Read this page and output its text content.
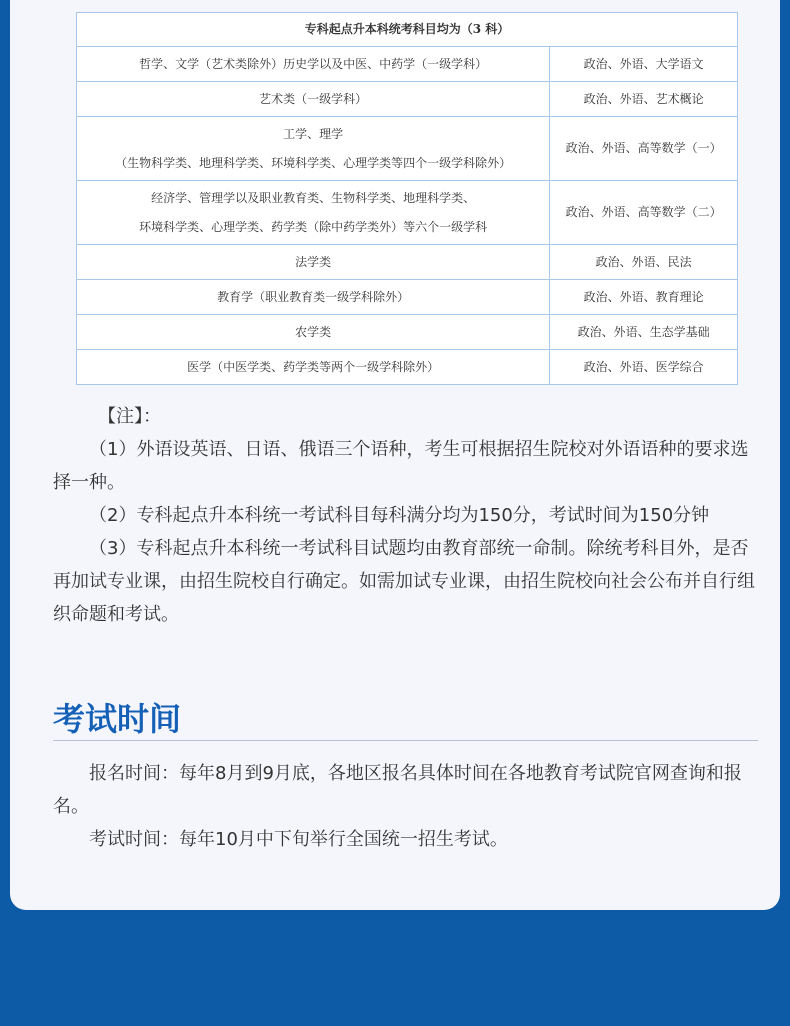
专科起点升本科统考科目均为（3 科）	

哲学、文学（艺术类除外）历史学以及中医、中药学（一级学科）	政治、外语、大学语文

艺术类（一级学科）	政治、外语、艺术概论

工学、理学
（生物科学类、地理科学类、环境科学类、心理学类等四个一级学科除外）	政治、外语、高等数学（一）

经济学、管理学以及职业教育类、生物科学类、地理科学类、
环境科学类、心理学类、药学类（除中药学类外）等六个一级学科	政治、外语、高等数学（二）

法学类	政治、外语、民法

教育学（职业教育类一级学科除外）	政治、外语、教育理论

农学类	政治、外语、生态学基础

医学（中医学类、药学类等两个一级学科除外）	政治、外语、医学综合

【注】：

（1）外语设英语、日语、俄语三个语种，考生可根据招生院校对外语语种的要求选择一种。

（2）专科起点升本科统一考试科目每科满分均为150分，考试时间为150分钟

（3）专科起点升本科统一考试科目试题均由教育部统一命制。除统考科目外，是否再加试专业课，由招生院校自行确定。如需加试专业课，由招生院校向社会公布并自行组织命题和考试。

考试时间

报名时间：每年8月到9月底，各地区报名具体时间在各地教育考试院官网查询和报名。

考试时间：每年10月中下旬举行全国统一招生考试。
